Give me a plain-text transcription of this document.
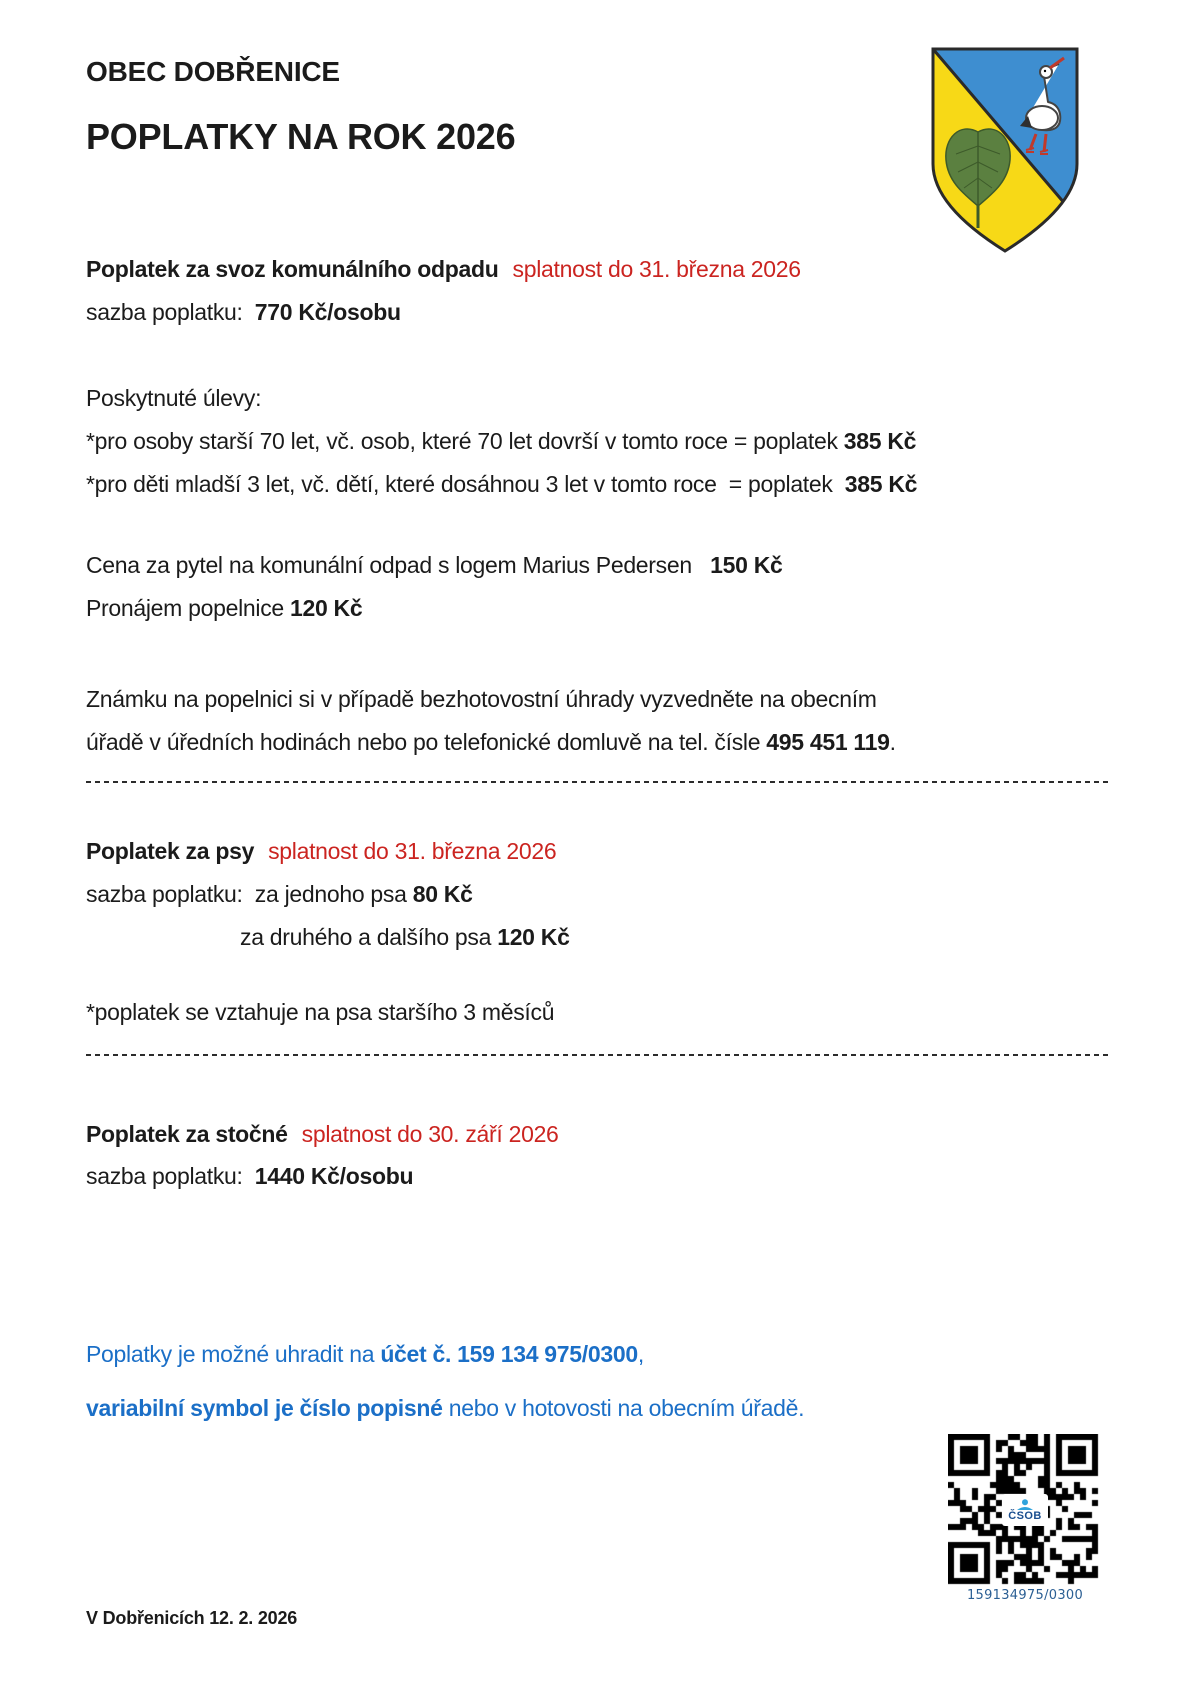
OBEC DOBŘENICE
POPLATKY NA ROK 2026
Poplatek za svoz komunálního odpadu splatnost do 31. března 2026
sazba poplatku:  770 Kč/osobu
Poskytnuté úlevy:
*pro osoby starší 70 let, vč. osob, které 70 let dovrší v tomto roce = poplatek 385 Kč
*pro děti mladší 3 let, vč. dětí, které dosáhnou 3 let v tomto roce  = poplatek  385 Kč
Cena za pytel na komunální odpad s logem Marius Pedersen   150 Kč
Pronájem popelnice 120 Kč
Známku na popelnici si v případě bezhotovostní úhrady vyzvedněte na obecním
úřadě v úředních hodinách nebo po telefonické domluvě na tel. čísle 495 451 119.
Poplatek za psy splatnost do 31. března 2026
sazba poplatku:  za jednoho psa 80 Kč
za druhého a dalšího psa 120 Kč
*poplatek se vztahuje na psa staršího 3 měsíců
Poplatek za stočné splatnost do 30. září 2026
sazba poplatku:  1440 Kč/osobu
Poplatky je možné uhradit na účet č. 159 134 975/0300,
variabilní symbol je číslo popisné nebo v hotovosti na obecním úřadě.
ČSOB
159134975/0300
V Dobřenicích 12. 2. 2026
